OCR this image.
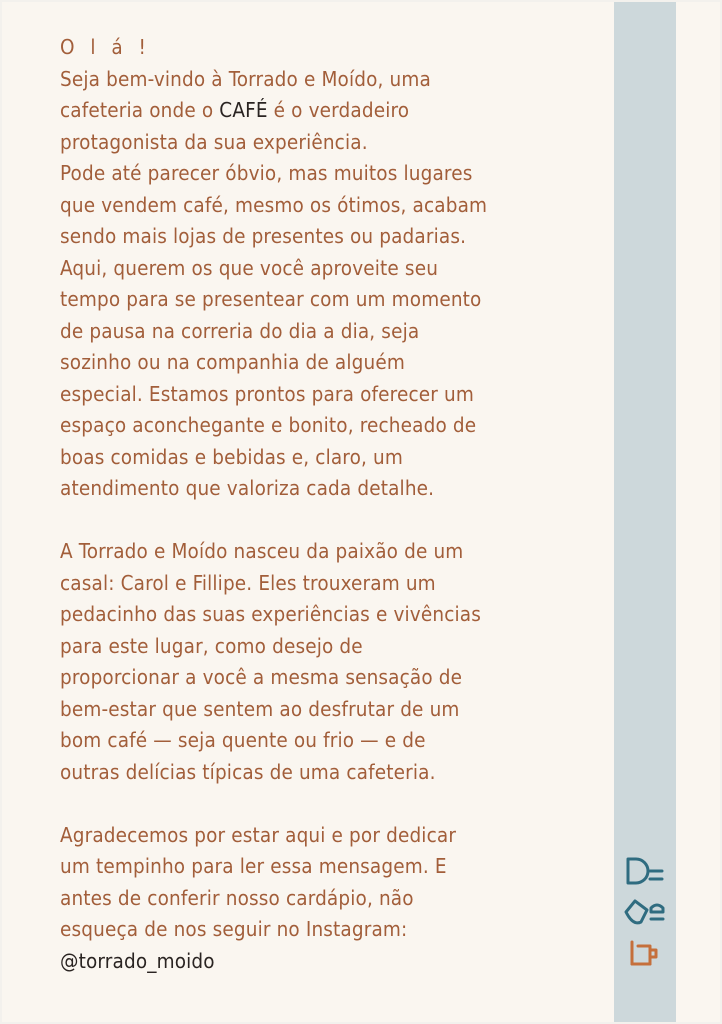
O l á !

Seja bem-vindo à Torrado e Moído, uma

cafeteria onde o CAFÉ é o verdadeiro

protagonista da sua experiência.

Pode até parecer óbvio, mas muitos lugares

que vendem café, mesmo os ótimos, acabam

sendo mais lojas de presentes ou padarias.

Aqui, querem os que você aproveite seu

tempo para se presentear com um momento

de pausa na correria do dia a dia, seja

sozinho ou na companhia de alguém

especial. Estamos prontos para oferecer um

espaço aconchegante e bonito, recheado de

boas comidas e bebidas e, claro, um

atendimento que valoriza cada detalhe.

A Torrado e Moído nasceu da paixão de um

casal: Carol e Fillipe. Eles trouxeram um

pedacinho das suas experiências e vivências

para este lugar, como desejo de

proporcionar a você a mesma sensação de

bem-estar que sentem ao desfrutar de um

bom café — seja quente ou frio — e de

outras delícias típicas de uma cafeteria.

Agradecemos por estar aqui e por dedicar

um tempinho para ler essa mensagem. E

antes de conferir nosso cardápio, não

esqueça de nos seguir no Instagram:

@torrado_moido
